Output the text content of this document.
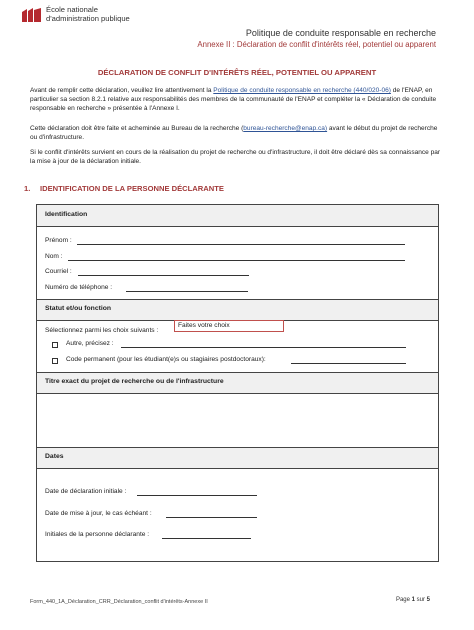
École nationale
d'administration publique
Politique de conduite responsable en recherche
Annexe II : Déclaration de conflit d'intérêts réel, potentiel ou apparent
DÉCLARATION DE CONFLIT D'INTÉRÊTS RÉEL, POTENTIEL OU APPARENT
Avant de remplir cette déclaration, veuillez lire attentivement la Politique de conduite responsable en recherche (440/020-06) de l'ENAP, en particulier sa section 8.2.1 relative aux responsabilités des membres de la communauté de l'ENAP et compléter la « Déclaration de conduite responsable en recherche » présentée à l'Annexe I.
Cette déclaration doit être faite et acheminée au Bureau de la recherche (bureau-recherche@enap.ca) avant le début du projet de recherche ou d'infrastructure.
Si le conflit d'intérêts survient en cours de la réalisation du projet de recherche ou d'infrastructure, il doit être déclaré dès sa connaissance par la mise à jour de la déclaration initiale.
1. IDENTIFICATION DE LA PERSONNE DÉCLARANTE
Identification
Prénom :
Nom :
Courriel :
Numéro de téléphone :
Statut et/ou fonction
Sélectionnez parmi les choix suivants :
Faites votre choix
Autre, précisez :
Code permanent (pour les étudiant(e)s ou stagiaires postdoctoraux):
Titre exact du projet de recherche ou de l'infrastructure
Dates
Date de déclaration initiale :
Date de mise à jour, le cas échéant :
Initiales de la personne déclarante :
Form_440_1A_Déclaration_CRR_Déclaration_conflit d'intérêts-Annexe II	Page 1 sur 5
